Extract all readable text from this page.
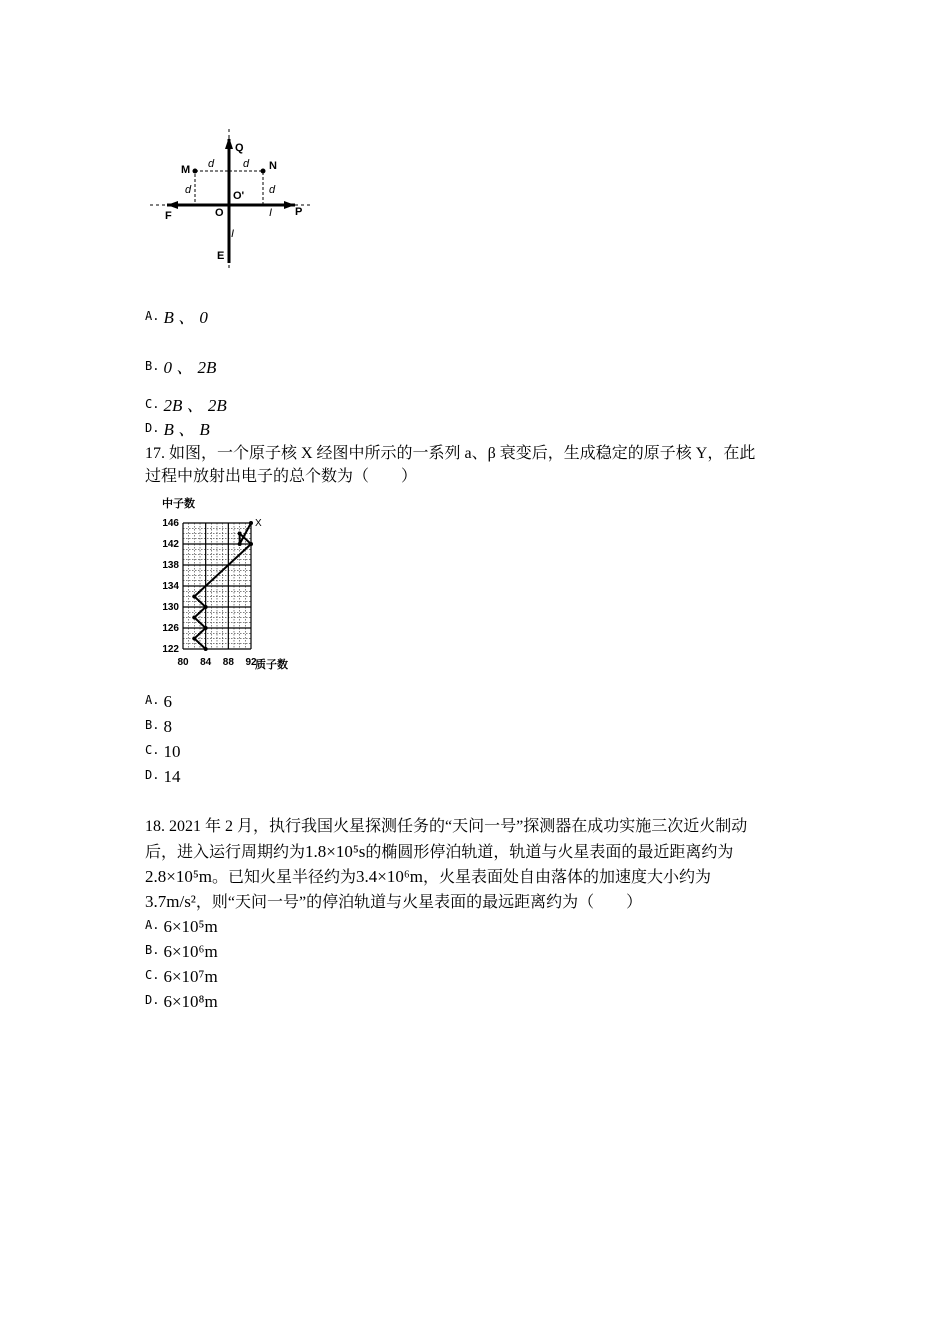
Q
M	N
d	d
d	d
O'
O
F	P
I
I
E
A. B 、 0
B. 0 、 2B
C. 2B 、 2B
D. B 、 B
17. 如图，一个原子核 X 经图中所示的一系列 a、β 衰变后，生成稳定的原子核 Y，在此
过程中放射出电子的总个数为（　　）
中子数
146
142
138
134
130
126
122
80 84 88 92
X
质子数
A. 6
B. 8
C. 10
D. 14
18. 2021 年 2 月，执行我国火星探测任务的“天问一号”探测器在成功实施三次近火制动
后，进入运行周期约为1.8×10⁵s的椭圆形停泊轨道，轨道与火星表面的最近距离约为
2.8×10⁵m。已知火星半径约为3.4×10⁶m，火星表面处自由落体的加速度大小约为
3.7m/s²，则“天问一号”的停泊轨道与火星表面的最远距离约为（　　）
A. 6×10⁵m
B. 6×10⁶m
C. 6×10⁷m
D. 6×10⁸m
